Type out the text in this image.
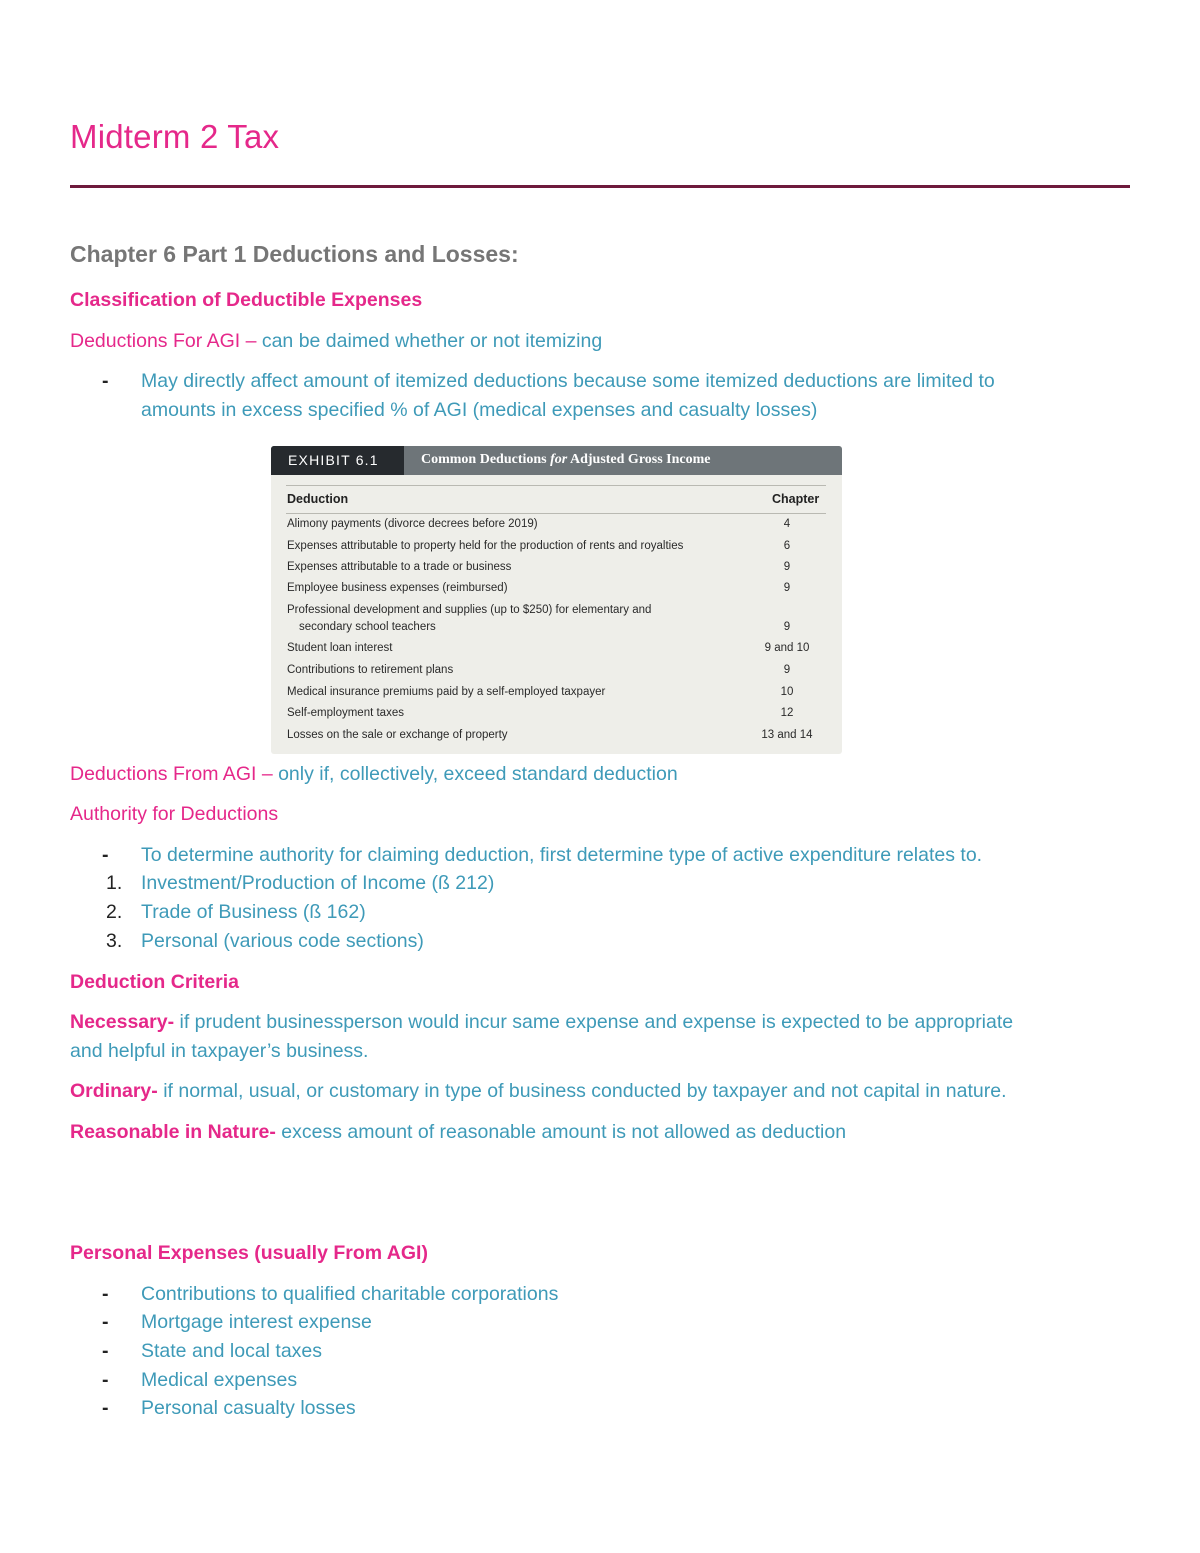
Midterm 2 Tax
Chapter 6 Part 1 Deductions and Losses:

Classification of Deductible Expenses

Deductions For AGI – can be daimed whether or not itemizing

- May directly affect amount of itemized deductions because some itemized deductions are limited to
amounts in excess specified % of AGI (medical expenses and casualty losses)
EXHIBIT 6.1	Common Deductions for Adjusted Gross Income
Deduction	Chapter
Alimony payments (divorce decrees before 2019)	4
Expenses attributable to property held for the production of rents and royalties	6
Expenses attributable to a trade or business	9
Employee business expenses (reimbursed)	9
Professional development and supplies (up to $250) for elementary and
secondary school teachers	9
Student loan interest	9 and 10
Contributions to retirement plans	9
Medical insurance premiums paid by a self-employed taxpayer	10
Self-employment taxes	12
Losses on the sale or exchange of property	13 and 14

Deductions From AGI – only if, collectively, exceed standard deduction

Authority for Deductions

- To determine authority for claiming deduction, first determine type of active expenditure relates to.
1. Investment/Production of Income (ß 212)
2. Trade of Business (ß 162)
3. Personal (various code sections)

Deduction Criteria

Necessary- if prudent businessperson would incur same expense and expense is expected to be appropriate

and helpful in taxpayer’s business.

Ordinary- if normal, usual, or customary in type of business conducted by taxpayer and not capital in nature.

Reasonable in Nature- excess amount of reasonable amount is not allowed as deduction

Personal Expenses (usually From AGI)

- Contributions to qualified charitable corporations
- Mortgage interest expense
- State and local taxes
- Medical expenses
- Personal casualty losses
